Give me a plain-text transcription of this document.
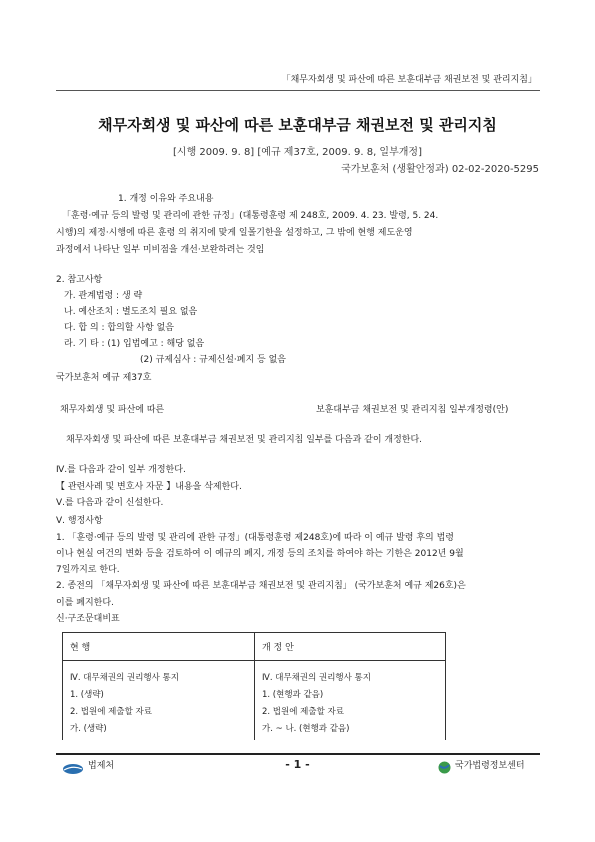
「채무자회생 및 파산에 따른 보훈대부금 채권보전 및 관리지침」
채무자회생 및 파산에 따른 보훈대부금 채권보전 및 관리지침
[시행 2009. 9. 8] [예규 제37호, 2009. 9. 8, 일부개정]
국가보훈처 (생활안정과) 02-02-2020-5295
1. 개정 이유와 주요내용
「훈령·예규 등의 발령 및 관리에 관한 규정」(대통령훈령 제 248호, 2009. 4. 23. 발령, 5. 24.
시행)의 제정·시행에 따른 훈령 의 취지에 맞게 일몰기한을 설정하고, 그 밖에 현행 제도운영
과정에서 나타난 일부 미비점을 개선·보완하려는 것임
2. 참고사항
가. 관계법령 : 생 략
나. 예산조치 : 별도조치 필요 없음
다. 합 의 : 합의할 사항 없음
라. 기 타 : (1) 입법예고 : 해당 없음
(2) 규제심사 : 규제신설·폐지 등 없음
국가보훈처 예규 제37호
채무자회생 및 파산에 따른	보훈대부금 채권보전 및 관리지침 일부개정령(안)
채무자회생 및 파산에 따른 보훈대부금 채권보전 및 관리지침 일부를 다음과 같이 개정한다.
Ⅳ.를 다음과 같이 일부 개정한다.
【 관련사례 및 변호사 자문 】내용을 삭제한다.
Ⅴ.를 다음과 같이 신설한다.
Ⅴ. 행정사항
1. 「훈령·예규 등의 발령 및 관리에 관한 규정」(대통령훈령 제248호)에 따라 이 예규 발령 후의 법령
이나 현실 여건의 변화 등을 검토하여 이 예규의 폐지, 개정 등의 조치를 하여야 하는 기한은 2012년 9월
7일까지로 한다.
2. 종전의 「채무자회생 및 파산에 따른 보훈대부금 채권보전 및 관리지침」 (국가보훈처 예규 제26호)은
이를 폐지한다.
신·구조문대비표
현 행	개 정 안
Ⅳ. 대무채권의 권리행사 통지	Ⅳ. 대무채권의 권리행사 통지
1. (생략)	1. (현행과 같음)
2. 법원에 제출할 자료	2. 법원에 제출할 자료
가. (생략)	가. ~ 나. (현행과 같음)
법제처	- 1 -	국가법령정보센터
